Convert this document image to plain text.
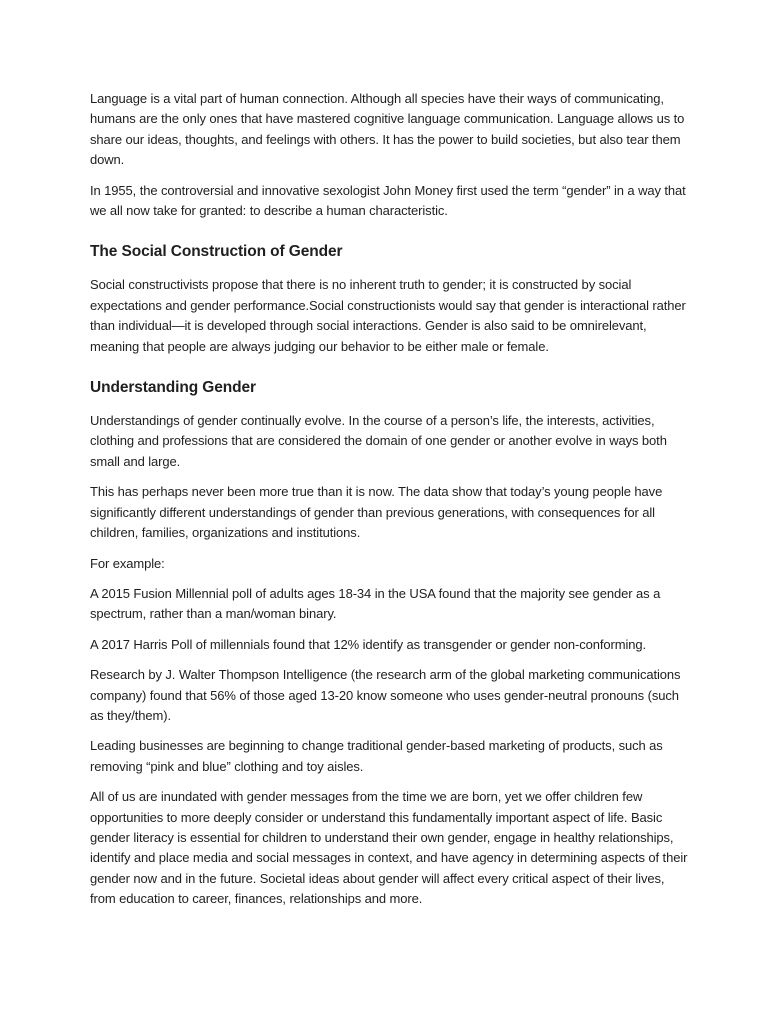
Language is a vital part of human connection. Although all species have their ways of communicating, humans are the only ones that have mastered cognitive language communication. Language allows us to share our ideas, thoughts, and feelings with others. It has the power to build societies, but also tear them down.

In 1955, the controversial and innovative sexologist John Money first used the term “gender” in a way that we all now take for granted: to describe a human characteristic.

The Social Construction of Gender

Social constructivists propose that there is no inherent truth to gender; it is constructed by social expectations and gender performance.Social constructionists would say that gender is interactional rather than individual—it is developed through social interactions. Gender is also said to be omnirelevant, meaning that people are always judging our behavior to be either male or female.

Understanding Gender

Understandings of gender continually evolve. In the course of a person’s life, the interests, activities, clothing and professions that are considered the domain of one gender or another evolve in ways both small and large.

This has perhaps never been more true than it is now. The data show that today’s young people have significantly different understandings of gender than previous generations, with consequences for all children, families, organizations and institutions.

For example:

A 2015 Fusion Millennial poll of adults ages 18-34 in the USA found that the majority see gender as a spectrum, rather than a man/woman binary.

A 2017 Harris Poll of millennials found that 12% identify as transgender or gender non-conforming.

Research by J. Walter Thompson Intelligence (the research arm of the global marketing communications company) found that 56% of those aged 13-20 know someone who uses gender-neutral pronouns (such as they/them).

Leading businesses are beginning to change traditional gender-based marketing of products, such as removing “pink and blue” clothing and toy aisles.

All of us are inundated with gender messages from the time we are born, yet we offer children few opportunities to more deeply consider or understand this fundamentally important aspect of life. Basic gender literacy is essential for children to understand their own gender, engage in healthy relationships, identify and place media and social messages in context, and have agency in determining aspects of their gender now and in the future. Societal ideas about gender will affect every critical aspect of their lives, from education to career, finances, relationships and more.
